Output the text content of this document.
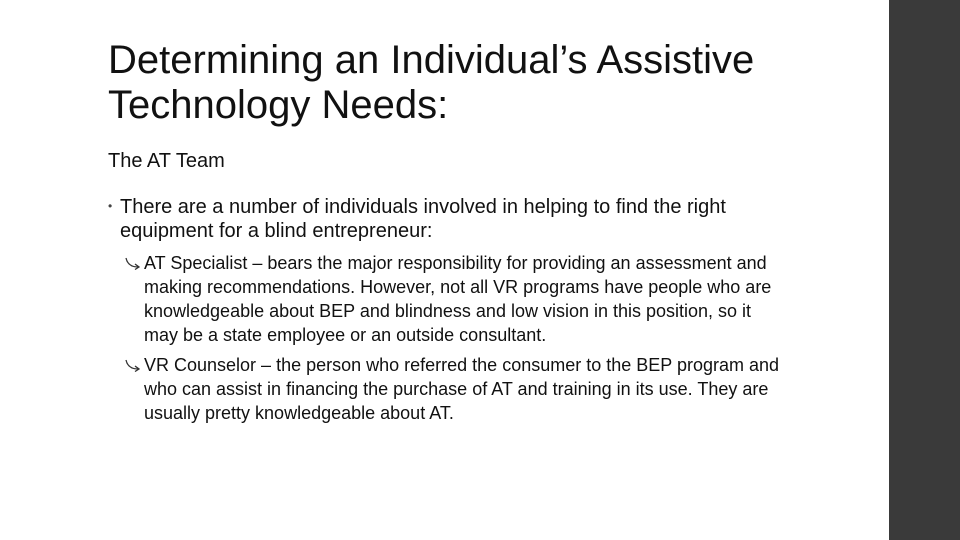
Determining an Individual’s Assistive Technology Needs:

The AT Team

• There are a number of individuals involved in helping to find the right equipment for a blind entrepreneur:

AT Specialist – bears the major responsibility for providing an assessment and making recommendations. However, not all VR programs have people who are knowledgeable about BEP and blindness and low vision in this position, so it may be a state employee or an outside consultant.

VR Counselor – the person who referred the consumer to the BEP program and who can assist in financing the purchase of AT and training in its use. They are usually pretty knowledgeable about AT.
